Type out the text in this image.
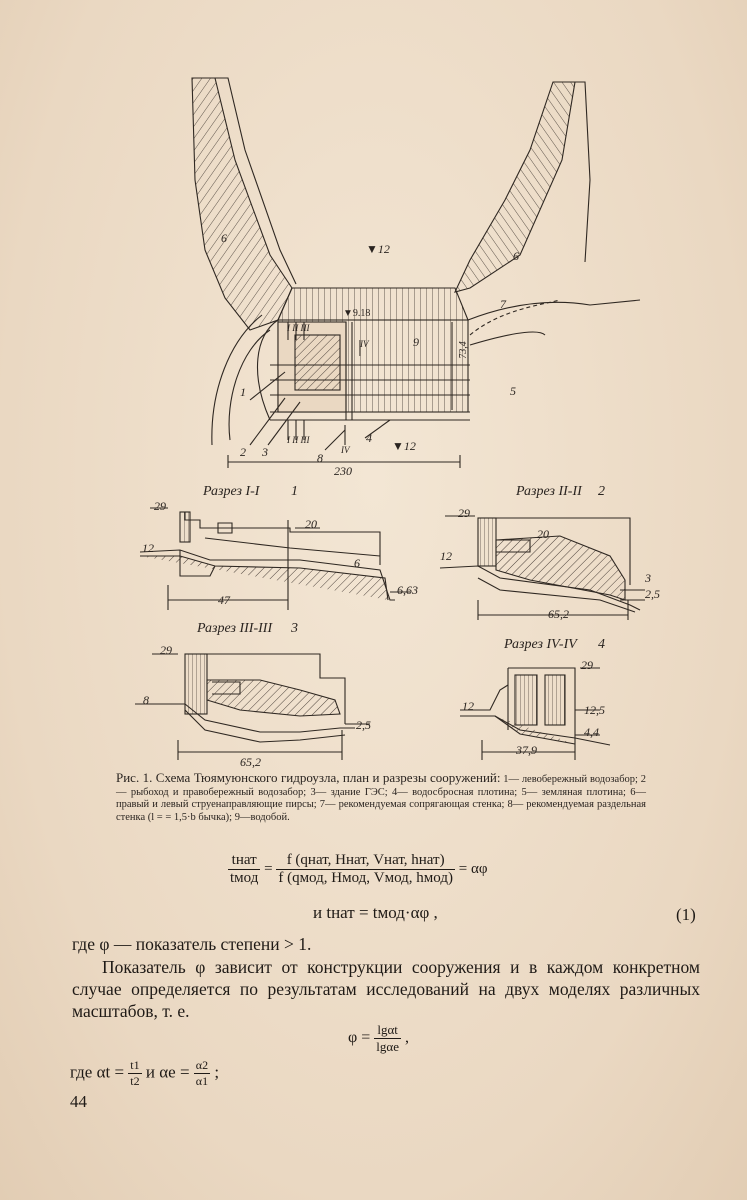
▼9.18
6
6
▼12
7
9	73,4
5
1
2 3	8
4
▼12
I II III
I II III
IV
IV
230
Разрез I-I 1
29
20
12
6
6,63
47
Разрез II-II 2
29
20
12
3
2,5
65,2
Разрез III-III 3
29
8
2,5
65,2
Разрез IV-IV 4
29
12	12,5
4,4
37,9
Рис. 1. Схема Тюямуюнского гидроузла, план и разрезы сооружений: 1— левобережный водозабор; 2— рыбоход и правобережный водозабор; 3— здание ГЭС; 4— водосбросная плотина; 5— земляная плотина; 6— правый и левый струенаправляющие пирсы; 7— рекомендуемая сопрягающая стенка; 8— рекомендуемая раздельная стенка (l = = 1,5·b бычка); 9—водобой.
$\frac{\text{tнат}}{\text{tмод}} = \frac{\text{f (qнат, Hнат, Vнат, hнат)}}{\text{f (qмод, Hмод, Vмод, hмод)}} = \alpha\varphi$
и tнат = tмод·αφ ,	(1)
где φ — показатель степени > 1.
Показатель φ зависит от конструкции сооружения и в каждом конкретном случае определяется по результатам исследований на двух моделях различных масштабов, т. е.
$\varphi = \frac{\lg\alpha t}{\lg\alpha e}$ ,
где $\alpha t = \frac{t1}{t2}$ и $\alpha e = \frac{\alpha 2}{\alpha 1}$ ;
44
